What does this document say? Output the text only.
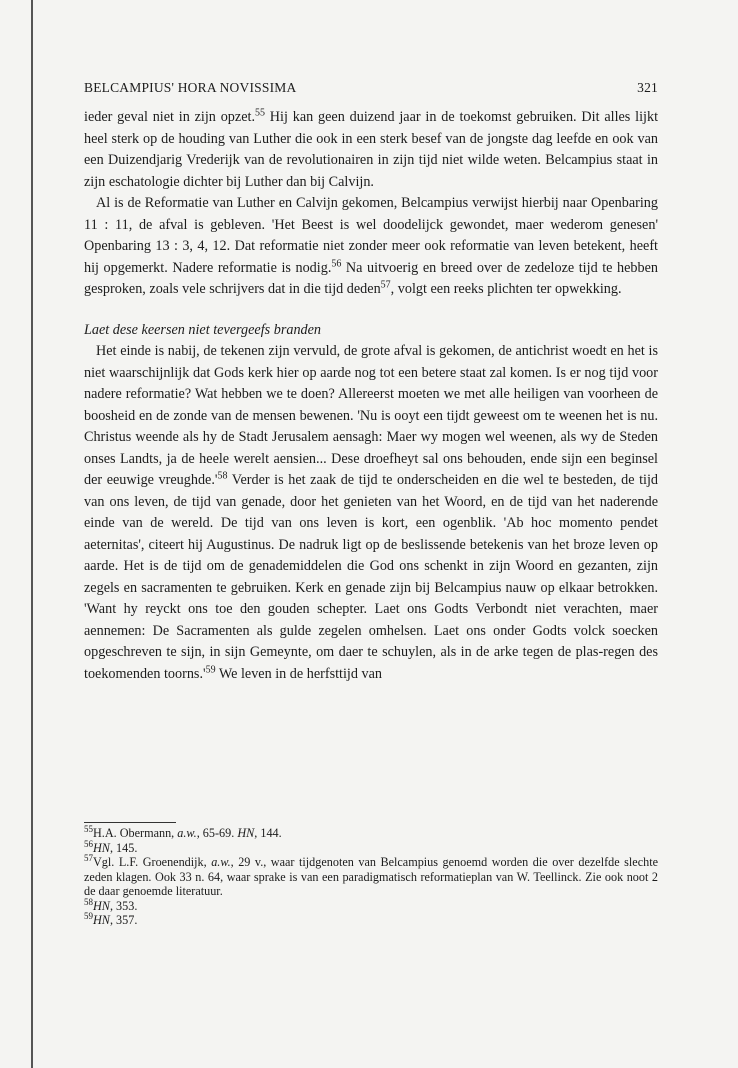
BELCAMPIUS' HORA NOVISSIMA	321

ieder geval niet in zijn opzet.$^{55}$ Hij kan geen duizend jaar in de toekomst gebruiken. Dit alles lijkt heel sterk op de houding van Luther die ook in een sterk besef van de jongste dag leefde en ook van een Duizendjarig Vrederijk van de revolutionairen in zijn tijd niet wilde weten. Belcampius staat in zijn eschatologie dichter bij Luther dan bij Calvijn.

Al is de Reformatie van Luther en Calvijn gekomen, Belcampius verwijst hierbij naar Openbaring 11 : 11, de afval is gebleven. 'Het Beest is wel doodelijck gewondet, maer wederom genesen' Openbaring 13 : 3, 4, 12. Dat reformatie niet zonder meer ook reformatie van leven betekent, heeft hij opgemerkt. Nadere reformatie is nodig.$^{56}$ Na uitvoerig en breed over de zedeloze tijd te hebben gesproken, zoals vele schrijvers dat in die tijd deden$^{57}$, volgt een reeks plichten ter opwekking.

Laet dese keersen niet tevergeefs branden

Het einde is nabij, de tekenen zijn vervuld, de grote afval is gekomen, de antichrist woedt en het is niet waarschijnlijk dat Gods kerk hier op aarde nog tot een betere staat zal komen. Is er nog tijd voor nadere reformatie? Wat hebben we te doen? Allereerst moeten we met alle heiligen van voorheen de boosheid en de zonde van de mensen bewenen. 'Nu is ooyt een tijdt geweest om te weenen het is nu. Christus weende als hy de Stadt Jerusalem aensagh: Maer wy mogen wel weenen, als wy de Steden onses Landts, ja de heele werelt aensien... Dese droefheyt sal ons behouden, ende sijn een beginsel der eeuwige $vreughde.'^{58}$ Verder is het zaak de tijd te onderscheiden en die wel te besteden, de tijd van ons leven, de tijd van genade, door het genieten van het Woord, en de tijd van het naderende einde van de wereld. De tijd van ons leven is kort, een ogenblik. 'Ab hoc momento pendet aeternitas', citeert hij Augustinus. De nadruk ligt op de beslissende betekenis van het broze leven op aarde. Het is de tijd om de genademiddelen die God ons schenkt in zijn Woord en gezanten, zijn zegels en sacramenten te gebruiken. Kerk en genade zijn bij Belcampius nauw op elkaar betrokken. 'Want hy reyckt ons toe den gouden schepter. Laet ons Godts Verbondt niet verachten, maer aennemen: De Sacramenten als gulde zegelen omhelsen. Laet ons onder Godts volck soecken opgeschreven te sijn, in sijn Gemeynte, om daer te schuylen, als in de arke tegen de plas-regen des toekomenden $toorns.'^{59}$ We leven in de herfsttijd van

$^{55}$H.A. Obermann, a.w., 65-69. HN, 144.
$^{56}$HN, 145.
$^{57}$Vgl. L.F. Groenendijk, a.w., 29 v., waar tijdgenoten van Belcampius genoemd worden die over dezelfde slechte zeden klagen. Ook 33 n. 64, waar sprake is van een paradigmatisch reformatieplan van W. Teellinck. Zie ook noot 2 de daar genoemde literatuur.
$^{58}$HN, 353.
$^{59}$HN, 357.
